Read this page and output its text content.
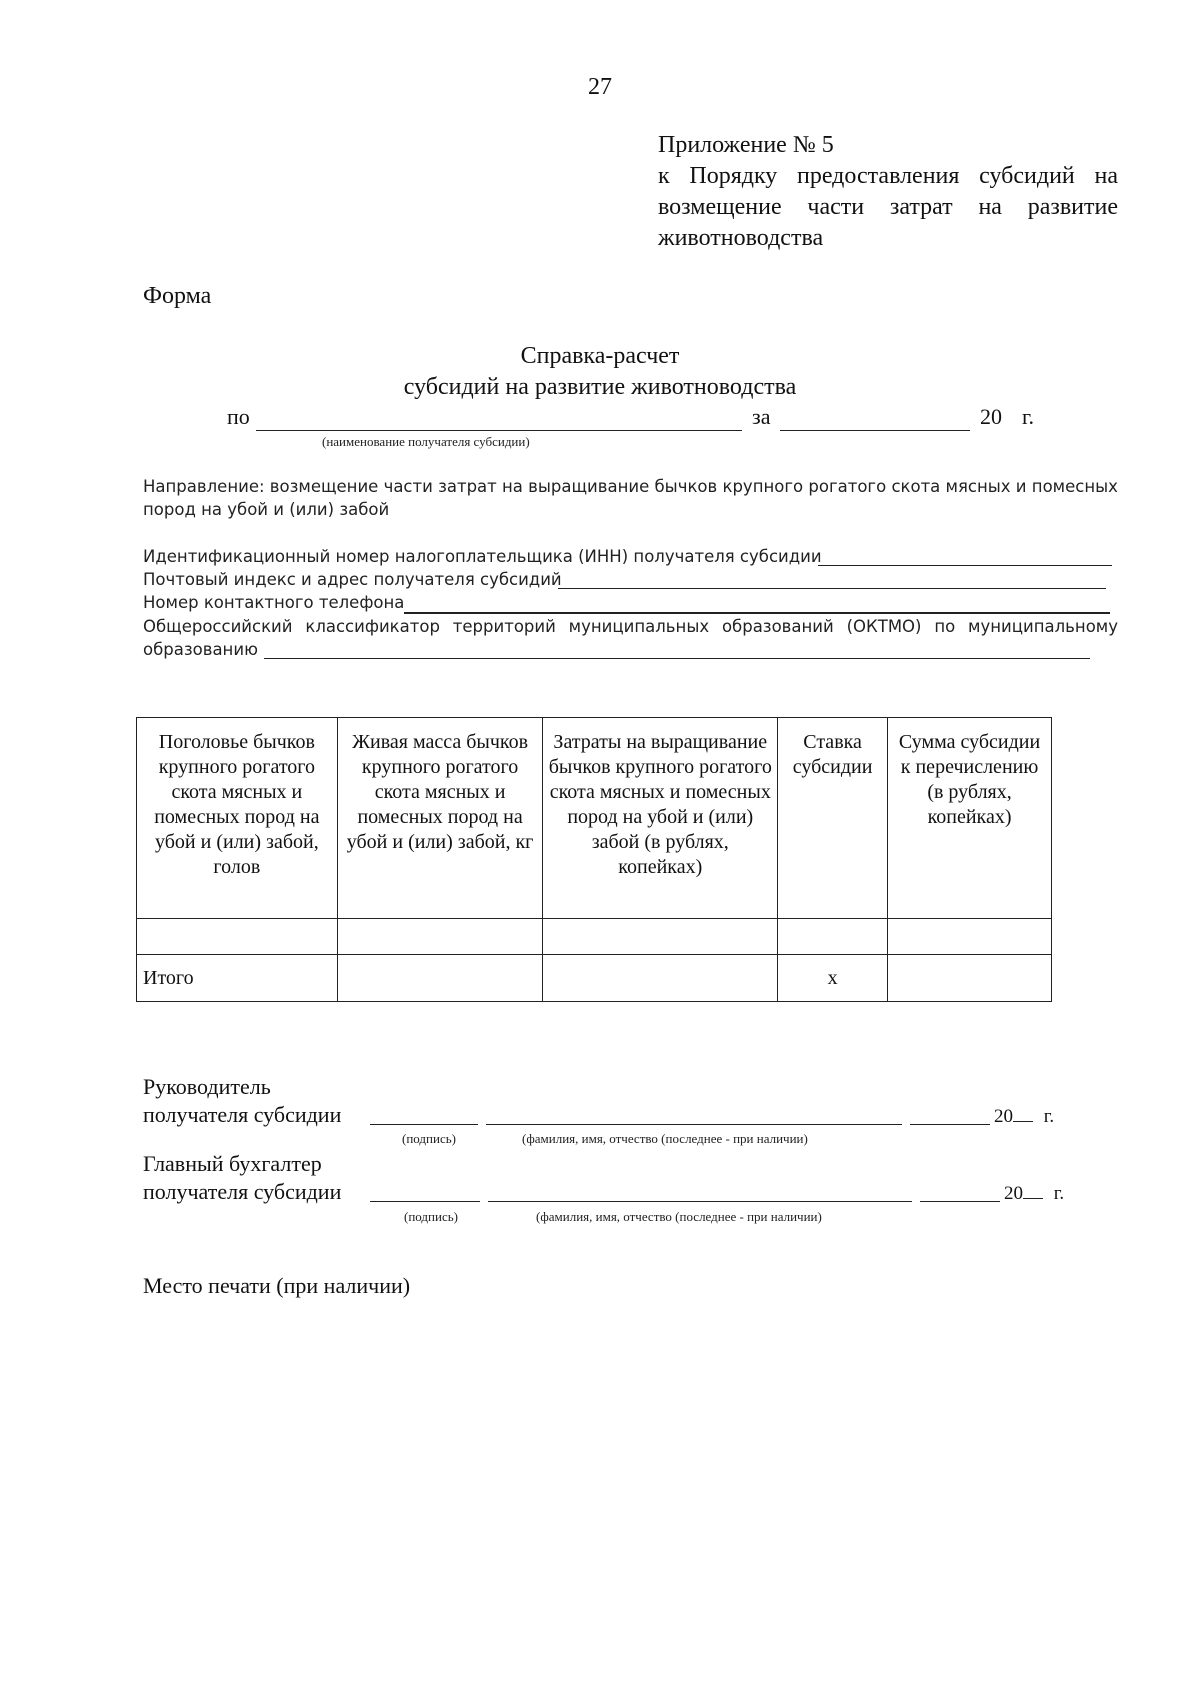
27
Приложение № 5
к Порядку предоставления субсидий на
возмещение части затрат на развитие
животноводства
Форма
Справка-расчет
субсидий на развитие животноводства
по	за	20 г.
(наименование получателя субсидии)
Направление: возмещение части затрат на выращивание бычков крупного рогатого скота мясных и помесных
пород на убой и (или) забой
Идентификационный номер налогоплательщика (ИНН) получателя субсидии
Почтовый индекс и адрес получателя субсидий
Номер контактного телефона
Общероссийский классификатор территорий муниципальных образований (ОКТМО) по муниципальному
образованию
Поголовье бычков крупного рогатого скота мясных и помесных пород на убой и (или) забой, голов	Живая масса бычков крупного рогатого скота мясных и помесных пород на убой и (или) забой, кг	Затраты на выращивание бычков крупного рогатого скота мясных и помесных пород на убой и (или) забой (в рублях, копейках)	Ставка субсидии	Сумма субсидии к перечислению (в рублях, копейках)

Итого			x	
Руководитель
получателя субсидии	20 г.
(подпись)	(фамилия, имя, отчество (последнее - при наличии)
Главный бухгалтер
получателя субсидии	20 г.
(подпись)	(фамилия, имя, отчество (последнее - при наличии)
Место печати (при наличии)
